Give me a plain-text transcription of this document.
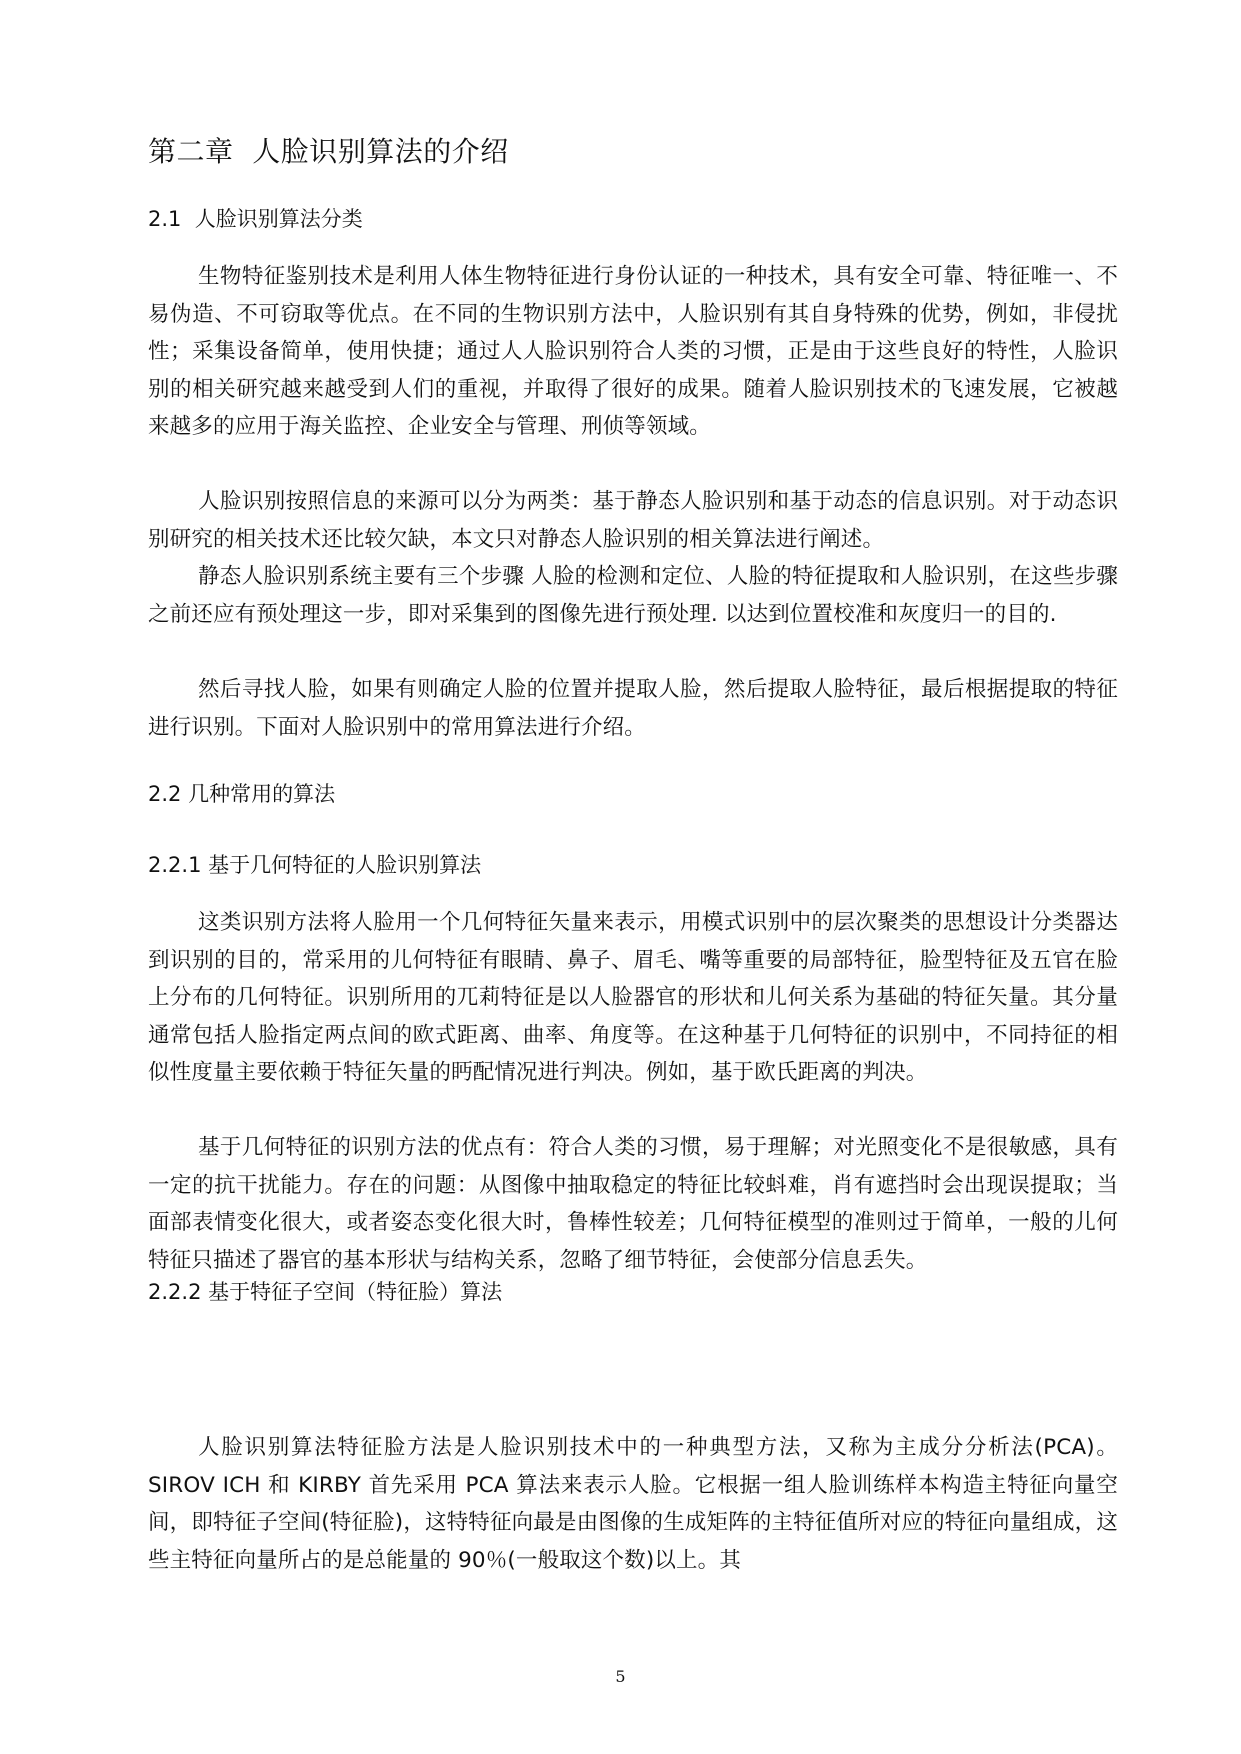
第二章  人脸识别算法的介绍
2.1  人脸识别算法分类

生物特征鉴别技术是利用人体生物特征进行身份认证的一种技术，具有安全可靠、特征唯一、不易伪造、不可窃取等优点。在不同的生物识别方法中，人脸识别有其自身特殊的优势，例如，非侵扰性；采集设备简单，使用快捷；通过人人脸识别符合人类的习惯，正是由于这些良好的特性，人脸识别的相关研究越来越受到人们的重视，并取得了很好的成果。随着人脸识别技术的飞速发展，它被越来越多的应用于海关监控、企业安全与管理、刑侦等领域。

人脸识别按照信息的来源可以分为两类：基于静态人脸识别和基于动态的信息识别。对于动态识别研究的相关技术还比较欠缺，本文只对静态人脸识别的相关算法进行阐述。

静态人脸识别系统主要有三个步骤 人脸的检测和定位、人脸的特征提取和人脸识别，在这些步骤之前还应有预处理这一步，即对采集到的图像先进行预处理. 以达到位置校准和灰度归一的目的.

然后寻找人脸，如果有则确定人脸的位置并提取人脸，然后提取人脸特征，最后根据提取的特征进行识别。下面对人脸识别中的常用算法进行介绍。

2.2 几种常用的算法
2.2.1 基于几何特征的人脸识别算法

这类识别方法将人脸用一个几何特征矢量来表示，用模式识别中的层次聚类的思想设计分类器达到识别的目的，常采用的儿何特征有眼睛、鼻子、眉毛、嘴等重要的局部特征，脸型特征及五官在脸上分布的几何特征。识别所用的兀莉特征是以人脸器官的形状和儿何关系为基础的特征矢量。其分量通常包括人脸指定两点间的欧式距离、曲率、角度等。在这种基于几何特征的识别中，不同持征的相似性度量主要依赖于特征矢量的眄配情况进行判决。例如，基于欧氏距离的判决。

基于几何特征的识别方法的优点有：符合人类的习惯，易于理解；对光照变化不是很敏感，具有一定的抗干扰能力。存在的问题：从图像中抽取稳定的特征比较蚪难，肖有遮挡时会出现误提取；当面部表情变化很大，或者姿态变化很大时，鲁棒性较差；几何特征模型的准则过于简单，一般的儿何特征只描述了器官的基本形状与结构关系，忽略了细节特征，会使部分信息丢失。

2.2.2 基于特征子空间（特征脸）算法

人脸识别算法特征脸方法是人脸识别技术中的一种典型方法，又称为主成分分析法(PCA)。SIROV ICH 和 KIRBY 首先采用 PCA 算法来表示人脸。它根据一组人脸训练样本构造主特征向量空间，即特征子空间(特征脸)，这特特征向最是由图像的生成矩阵的主特征值所对应的特征向量组成，这些主特征向量所占的是总能量的 90％(一般取这个数)以上。其

5
